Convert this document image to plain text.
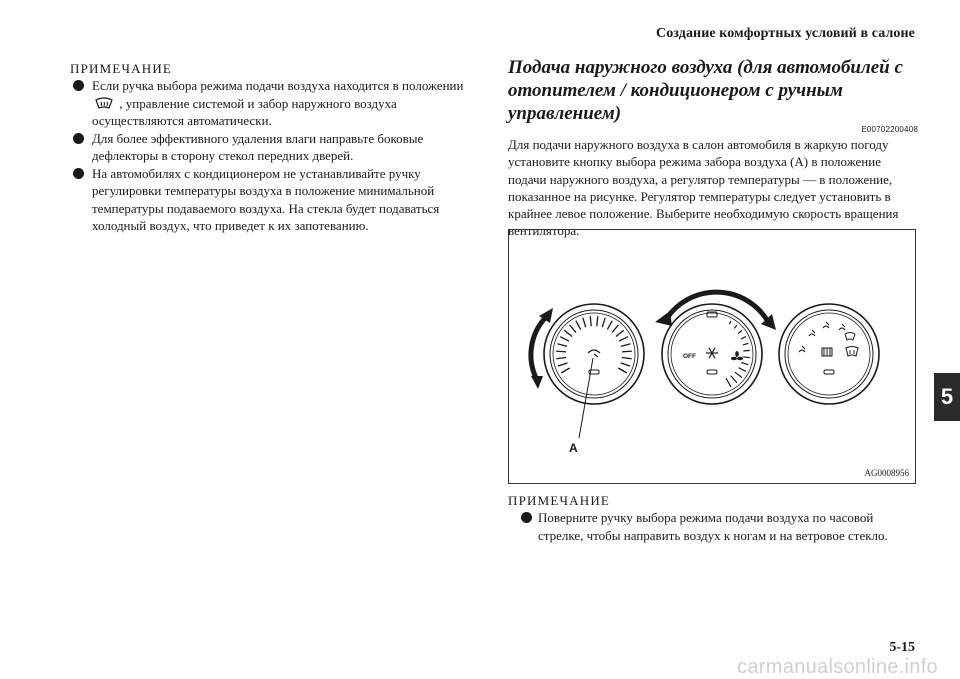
Создание комфортных условий в салоне
5
ПРИМЕЧАНИЕ
Если ручка выбора режима подачи воздуха находится в положении  , управление системой и забор наружного воздуха осуществляются автоматически.
Для более эффективного удаления влаги направьте боковые дефлекторы в сторону стекол передних дверей.
На автомобилях с кондиционером не устанавливайте ручку регулировки температуры воздуха в положение минимальной температуры подаваемого воздуха. На стекла будет подаваться холодный воздух, что приведет к их запотеванию.
Подача наружного воздуха (для автомобилей с отопителем / кондиционером с ручным управлением)
E00702200408

Для подачи наружного воздуха в салон автомобиля в жаркую погоду установите кнопку выбора режима забора воздуха (A) в положение подачи наружного воздуха, а регулятор температуры — в положение, показанное на рисунке. Регулятор температуры следует установить в крайнее левое положение. Выберите необходимую скорость вращения вентилятора.

A
OFF
AG0008956
ПРИМЕЧАНИЕ
Поверните ручку выбора режима подачи воздуха по часовой стрелке, чтобы направить воздух к ногам и на ветровое стекло.
5-15
carmanualsonline.info
